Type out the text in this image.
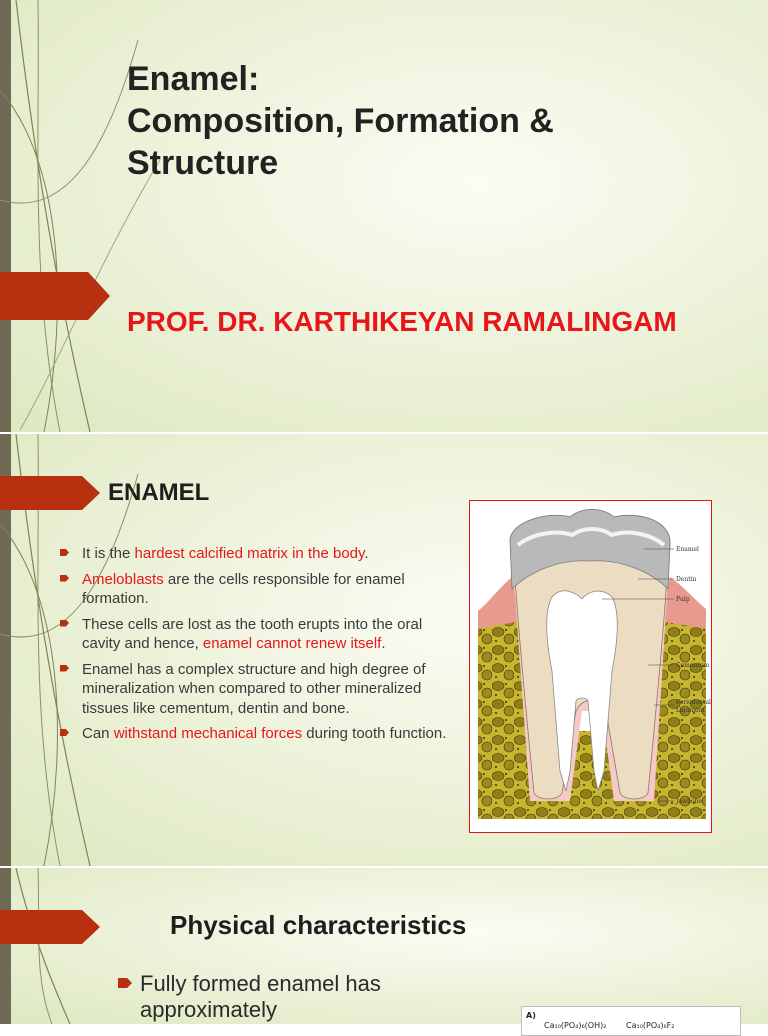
Enamel:
Composition, Formation &
Structure
PROF. DR. KARTHIKEYAN RAMALINGAM
ENAMEL
It is the hardest calcified matrix in the body.
Ameloblasts are the cells responsible for enamel formation.
These cells are lost as the tooth erupts into the oral cavity and hence, enamel cannot renew itself.
Enamel has a complex structure and high degree of mineralization when compared to other mineralized tissues like cementum, dentin and bone.
Can withstand mechanical forces during tooth function.
Enamel
Dentin
Pulp
Cementum
Periodontal
Ligament
Jawbone
Physical characteristics
Fully formed enamel has approximately	A)
Ca₁₀(PO₄)₆(OH)₂ Ca₁₀(PO₄)₆F₂
